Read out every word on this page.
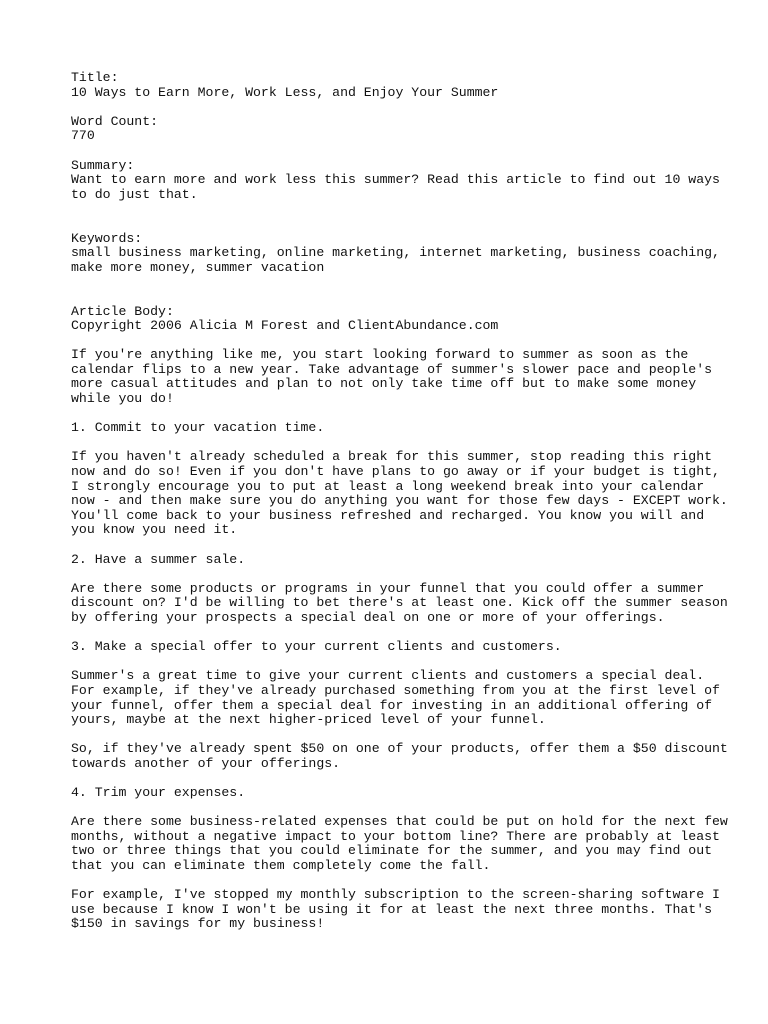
Title:
10 Ways to Earn More, Work Less, and Enjoy Your Summer
Word Count:
770
Summary:
Want to earn more and work less this summer? Read this article to find out 10 ways
to do just that.
Keywords:
small business marketing, online marketing, internet marketing, business coaching,
make more money, summer vacation
Article Body:
Copyright 2006 Alicia M Forest and ClientAbundance.com
If you're anything like me, you start looking forward to summer as soon as the
calendar flips to a new year. Take advantage of summer's slower pace and people's
more casual attitudes and plan to not only take time off but to make some money
while you do!
1. Commit to your vacation time.
If you haven't already scheduled a break for this summer, stop reading this right
now and do so! Even if you don't have plans to go away or if your budget is tight,
I strongly encourage you to put at least a long weekend break into your calendar
now - and then make sure you do anything you want for those few days - EXCEPT work.
You'll come back to your business refreshed and recharged. You know you will and
you know you need it.
2. Have a summer sale.
Are there some products or programs in your funnel that you could offer a summer
discount on? I'd be willing to bet there's at least one. Kick off the summer season
by offering your prospects a special deal on one or more of your offerings.
3. Make a special offer to your current clients and customers.
Summer's a great time to give your current clients and customers a special deal.
For example, if they've already purchased something from you at the first level of
your funnel, offer them a special deal for investing in an additional offering of
yours, maybe at the next higher-priced level of your funnel.
So, if they've already spent $50 on one of your products, offer them a $50 discount
towards another of your offerings.
4. Trim your expenses.
Are there some business-related expenses that could be put on hold for the next few
months, without a negative impact to your bottom line? There are probably at least
two or three things that you could eliminate for the summer, and you may find out
that you can eliminate them completely come the fall.
For example, I've stopped my monthly subscription to the screen-sharing software I
use because I know I won't be using it for at least the next three months. That's
$150 in savings for my business!
